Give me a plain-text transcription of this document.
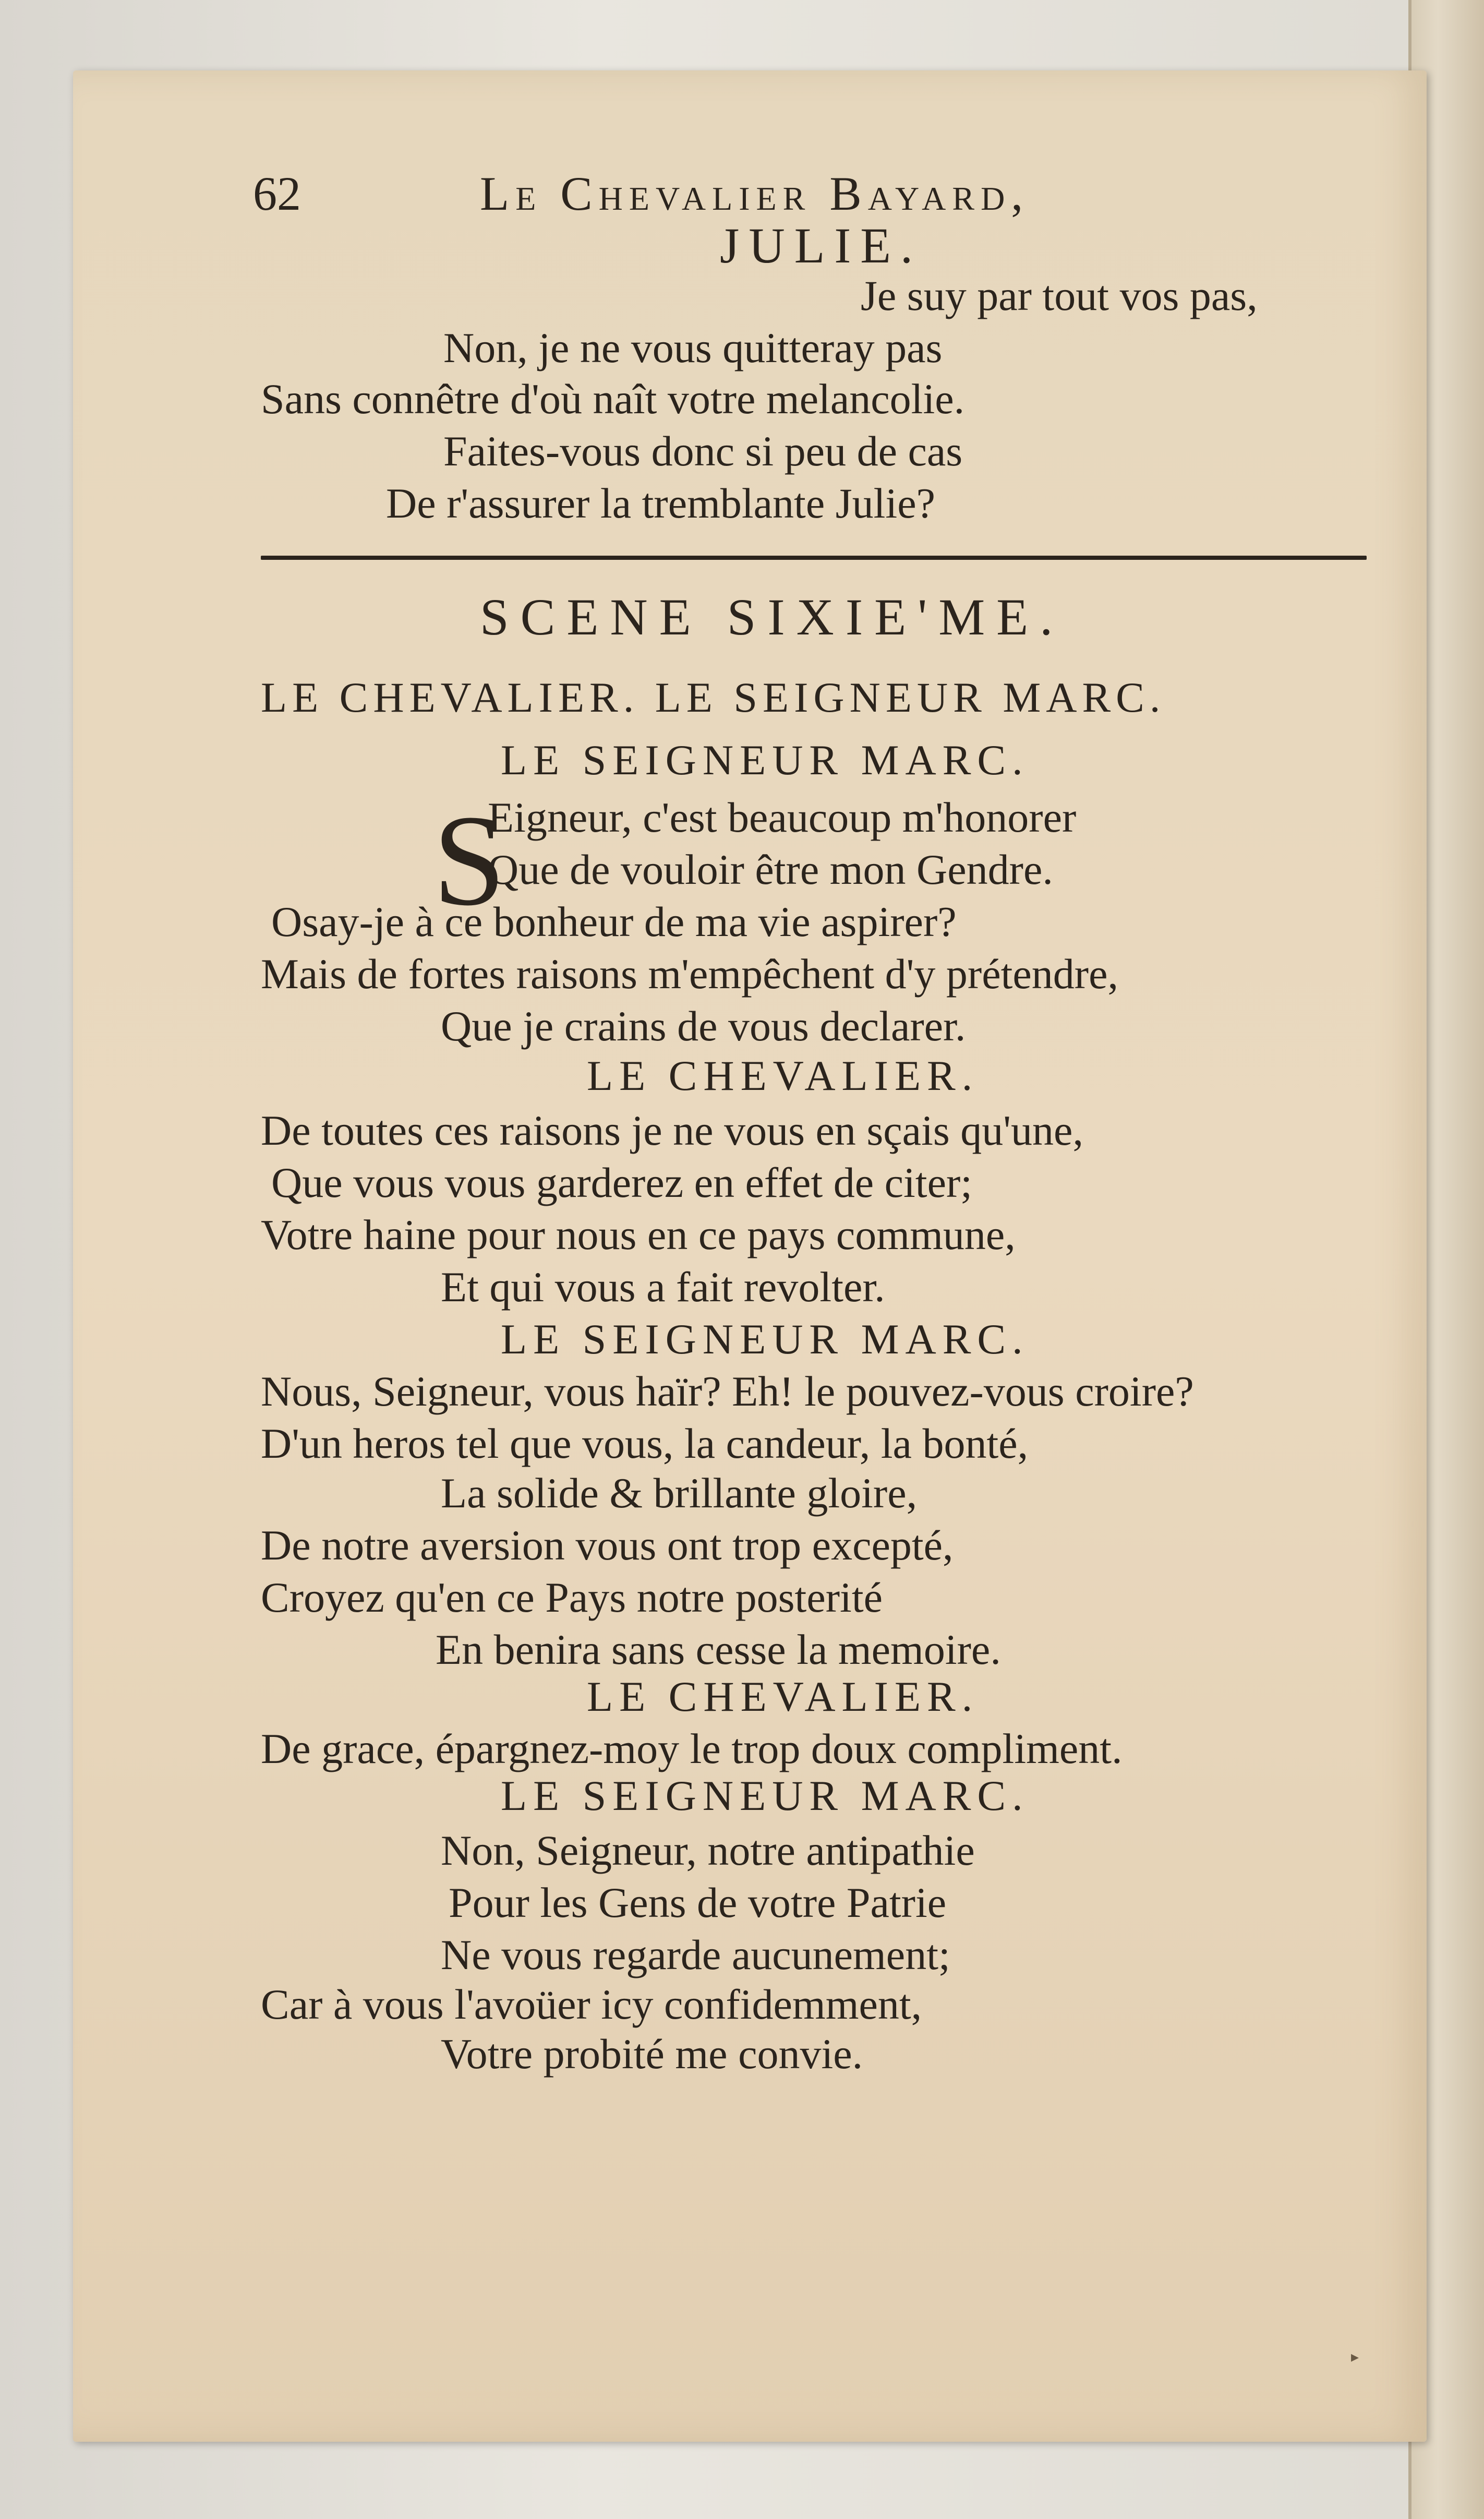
62	Le Chevalier Bayard,
JULIE.
Je suy par tout vos pas,
Non, je ne vous quitteray pas
Sans connêtre d'où naît votre melancolie.
Faites-vous donc si peu de cas
De r'assurer la tremblante Julie?
SCENE SIXIE'ME.
LE CHEVALIER. LE SEIGNEUR MARC.
LE SEIGNEUR MARC.
S
Eigneur, c'est beaucoup m'honorer
Que de vouloir être mon Gendre.
Osay-je à ce bonheur de ma vie aspirer?
Mais de fortes raisons m'empêchent d'y prétendre,
Que je crains de vous declarer.
LE CHEVALIER.
De toutes ces raisons je ne vous en sçais qu'une,
Que vous vous garderez en effet de citer;
Votre haine pour nous en ce pays commune,
Et qui vous a fait revolter.
LE SEIGNEUR MARC.
Nous, Seigneur, vous haïr? Eh! le pouvez-vous croire?
D'un heros tel que vous, la candeur, la bonté,
La solide & brillante gloire,
De notre aversion vous ont trop excepté,
Croyez qu'en ce Pays notre posterité
En benira sans cesse la memoire.
LE CHEVALIER.
De grace, épargnez-moy le trop doux compliment.
LE SEIGNEUR MARC.
Non, Seigneur, notre antipathie
Pour les Gens de votre Patrie
Ne vous regarde aucunement;
Car à vous l'avoüer icy confidemment,
Votre probité me convie.
▸
